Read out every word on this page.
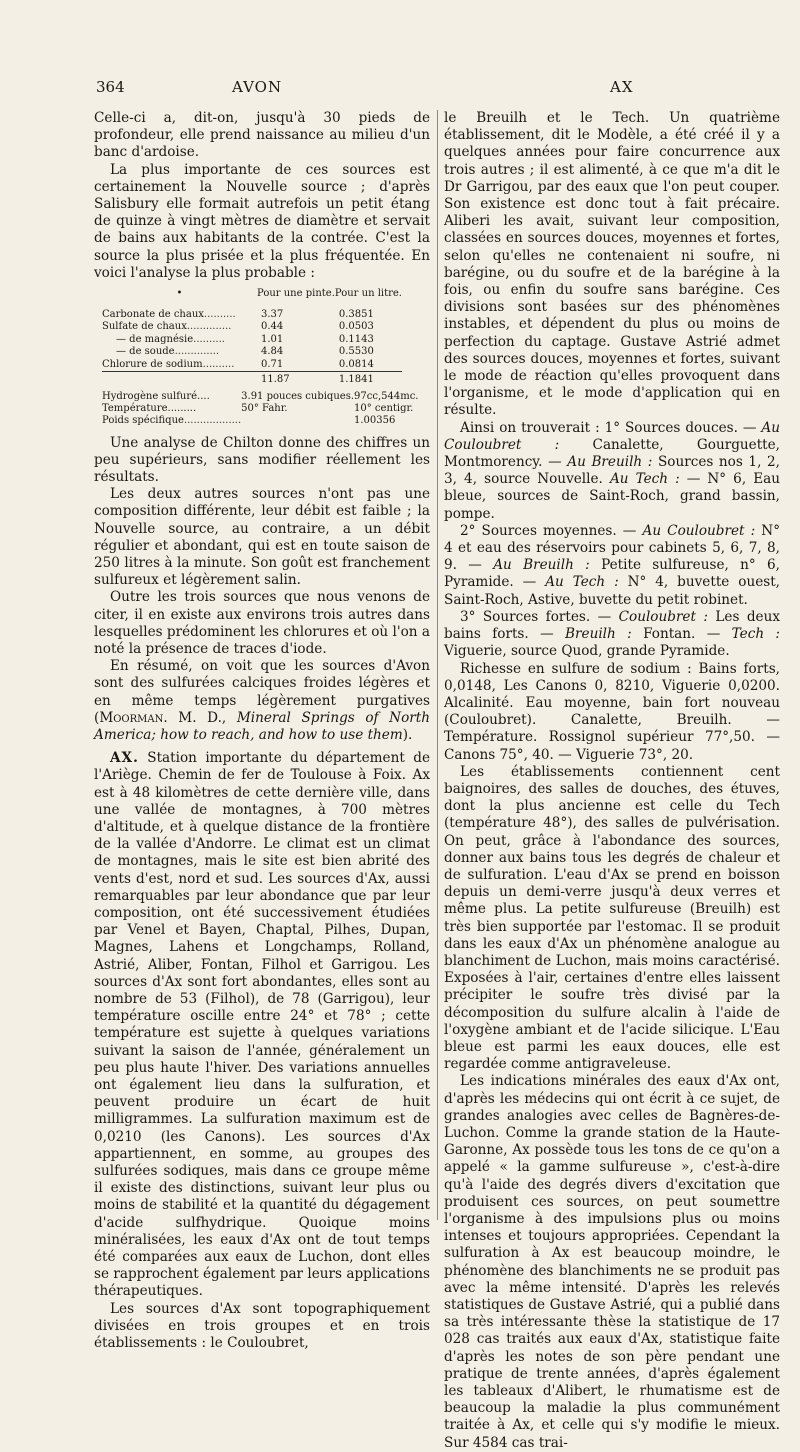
364	AVON	AX

Celle-ci a, dit-on, jusqu'à 30 pieds de profondeur, elle prend naissance au milieu d'un banc d'ardoise.

La plus importante de ces sources est certainement la Nouvelle source ; d'après Salisbury elle formait autrefois un petit étang de quinze à vingt mètres de diamètre et servait de bains aux habitants de la contrée. C'est la source la plus prisée et la plus fréquentée. En voici l'analyse la plus probable :

•	Pour une pinte.	Pour un litre.

Carbonate de chaux..........	3.37	0.3851
Sulfate de chaux..............	0.44	0.0503
— de magnésie..........	1.01	0.1143
— de soude..............	4.84	0.5530
Chlorure de sodium..........	0.71	0.0814
	11.87	1.1841
Hydrogène sulfuré....	3.91 pouces cubiques.	97cc,544mc.
Température.........	50° Fahr.	10° centigr.
Poids spécifique..................		1.00356

Une analyse de Chilton donne des chiffres un peu supérieurs, sans modifier réellement les résultats.

Les deux autres sources n'ont pas une composition différente, leur débit est faible ; la Nouvelle source, au contraire, a un débit régulier et abondant, qui est en toute saison de 250 litres à la minute. Son goût est franchement sulfureux et légèrement salin.

Outre les trois sources que nous venons de citer, il en existe aux environs trois autres dans lesquelles prédominent les chlorures et où l'on a noté la présence de traces d'iode.

En résumé, on voit que les sources d'Avon sont des sulfurées calciques froides légères et en même temps légèrement purgatives (Moorman. M. D., Mineral Springs of North America; how to reach, and how to use them).

AX. Station importante du département de l'Ariège. Chemin de fer de Toulouse à Foix. Ax est à 48 kilomètres de cette dernière ville, dans une vallée de montagnes, à 700 mètres d'altitude, et à quelque distance de la frontière de la vallée d'Andorre. Le climat est un climat de montagnes, mais le site est bien abrité des vents d'est, nord et sud. Les sources d'Ax, aussi remarquables par leur abondance que par leur composition, ont été successivement étudiées par Venel et Bayen, Chaptal, Pilhes, Dupan, Magnes, Lahens et Longchamps, Rolland, Astrié, Aliber, Fontan, Filhol et Garrigou. Les sources d'Ax sont fort abondantes, elles sont au nombre de 53 (Filhol), de 78 (Garrigou), leur température oscille entre 24° et 78° ; cette température est sujette à quelques variations suivant la saison de l'année, généralement un peu plus haute l'hiver. Des variations annuelles ont également lieu dans la sulfuration, et peuvent produire un écart de huit milligrammes. La sulfuration maximum est de 0,0210 (les Canons). Les sources d'Ax appartiennent, en somme, au groupes des sulfurées sodiques, mais dans ce groupe même il existe des distinctions, suivant leur plus ou moins de stabilité et la quantité du dégagement d'acide sulfhydrique. Quoique moins minéralisées, les eaux d'Ax ont de tout temps été comparées aux eaux de Luchon, dont elles se rapprochent également par leurs applications thérapeutiques.

Les sources d'Ax sont topographiquement divisées en trois groupes et en trois établissements : le Couloubret,

le Breuilh et le Tech. Un quatrième établissement, dit le Modèle, a été créé il y a quelques années pour faire concurrence aux trois autres ; il est alimenté, à ce que m'a dit le Dr Garrigou, par des eaux que l'on peut couper. Son existence est donc tout à fait précaire. Aliberi les avait, suivant leur composition, classées en sources douces, moyennes et fortes, selon qu'elles ne contenaient ni soufre, ni barégine, ou du soufre et de la barégine à la fois, ou enfin du soufre sans barégine. Ces divisions sont basées sur des phénomènes instables, et dépendent du plus ou moins de perfection du captage. Gustave Astrié admet des sources douces, moyennes et fortes, suivant le mode de réaction qu'elles provoquent dans l'organisme, et le mode d'application qui en résulte.

Ainsi on trouverait : 1° Sources douces. — Au Couloubret : Canalette, Gourguette, Montmorency. — Au Breuilh : Sources nos 1, 2, 3, 4, source Nouvelle. Au Tech : — N° 6, Eau bleue, sources de Saint-Roch, grand bassin, pompe.

2° Sources moyennes. — Au Couloubret : N° 4 et eau des réservoirs pour cabinets 5, 6, 7, 8, 9. — Au Breuilh : Petite sulfureuse, n° 6, Pyramide. — Au Tech : N° 4, buvette ouest, Saint-Roch, Astive, buvette du petit robinet.

3° Sources fortes. — Couloubret : Les deux bains forts. — Breuilh : Fontan. — Tech : Viguerie, source Quod, grande Pyramide.

Richesse en sulfure de sodium : Bains forts, 0,0148, Les Canons 0, 8210, Viguerie 0,0200. Alcalinité. Eau moyenne, bain fort nouveau (Couloubret). Canalette, Breuilh. — Température. Rossignol supérieur 77°,50. — Canons 75°, 40. — Viguerie 73°, 20.

Les établissements contiennent cent baignoires, des salles de douches, des étuves, dont la plus ancienne est celle du Tech (température 48°), des salles de pulvérisation. On peut, grâce à l'abondance des sources, donner aux bains tous les degrés de chaleur et de sulfuration. L'eau d'Ax se prend en boisson depuis un demi-verre jusqu'à deux verres et même plus. La petite sulfureuse (Breuilh) est très bien supportée par l'estomac. Il se produit dans les eaux d'Ax un phénomène analogue au blanchiment de Luchon, mais moins caractérisé. Exposées à l'air, certaines d'entre elles laissent précipiter le soufre très divisé par la décomposition du sulfure alcalin à l'aide de l'oxygène ambiant et de l'acide silicique. L'Eau bleue est parmi les eaux douces, elle est regardée comme antigraveleuse.

Les indications minérales des eaux d'Ax ont, d'après les médecins qui ont écrit à ce sujet, de grandes analogies avec celles de Bagnères-de-Luchon. Comme la grande station de la Haute-Garonne, Ax possède tous les tons de ce qu'on a appelé « la gamme sulfureuse », c'est-à-dire qu'à l'aide des degrés divers d'excitation que produisent ces sources, on peut soumettre l'organisme à des impulsions plus ou moins intenses et toujours appropriées. Cependant la sulfuration à Ax est beaucoup moindre, le phénomène des blanchiments ne se produit pas avec la même intensité. D'après les relevés statistiques de Gustave Astrié, qui a publié dans sa très intéressante thèse la statistique de 17 028 cas traités aux eaux d'Ax, statistique faite d'après les notes de son père pendant une pratique de trente années, d'après également les tableaux d'Alibert, le rhumatisme est de beaucoup la maladie la plus communément traitée à Ax, et celle qui s'y modifie le mieux. Sur 4584 cas trai-
